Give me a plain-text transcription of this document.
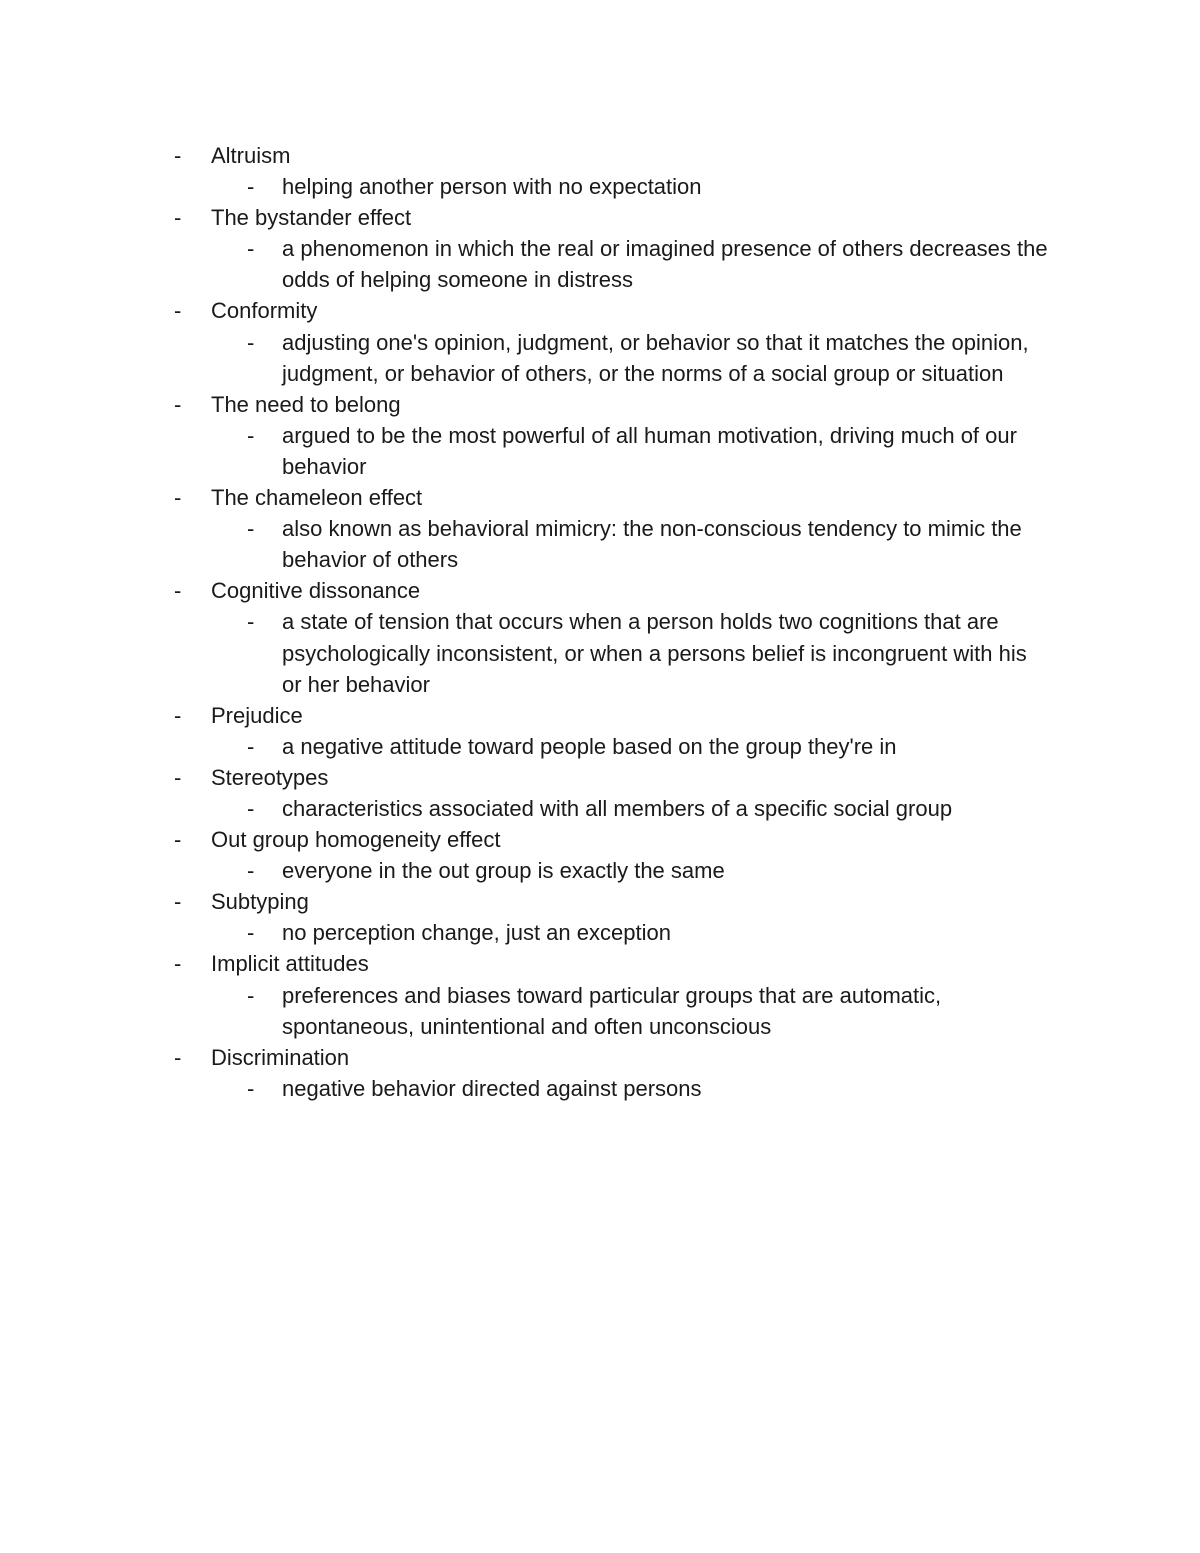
-	Altruism
-	helping another person with no expectation
-	The bystander effect
-	a phenomenon in which the real or imagined presence of others decreases the odds of helping someone in distress
-	Conformity
-	adjusting one's opinion, judgment, or behavior so that it matches the opinion, judgment, or behavior of others, or the norms of a social group or situation
-	The need to belong
-	argued to be the most powerful of all human motivation, driving much of our behavior
-	The chameleon effect
-	also known as behavioral mimicry: the non-conscious tendency to mimic the behavior of others
-	Cognitive dissonance
-	a state of tension that occurs when a person holds two cognitions that are psychologically inconsistent, or when a persons belief is incongruent with his or her behavior
-	Prejudice
-	a negative attitude toward people based on the group they're in
-	Stereotypes
-	characteristics associated with all members of a specific social group
-	Out group homogeneity effect
-	everyone in the out group is exactly the same
-	Subtyping
-	no perception change, just an exception
-	Implicit attitudes
-	preferences and biases toward particular groups that are automatic, spontaneous, unintentional and often unconscious
-	Discrimination
-	negative behavior directed against persons
